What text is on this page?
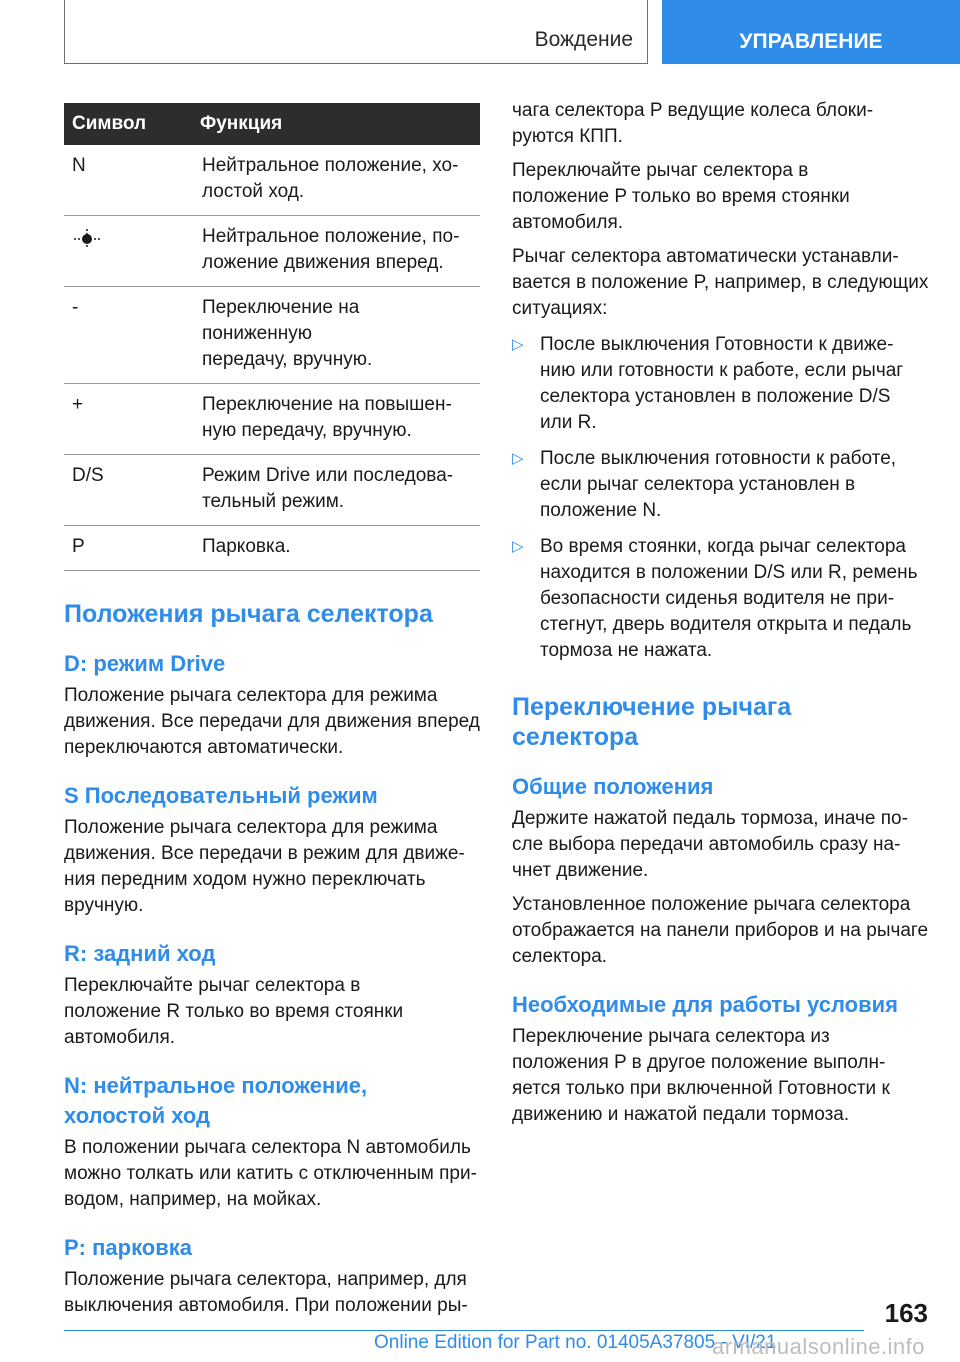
Вождение	УПРАВЛЕНИЕ
Символ	Функция
N	Нейтральное положение, хо-
лостой ход.
	Нейтральное положение, по-
ложение движения вперед.
-	Переключение на пониженную
передачу, вручную.
+	Переключение на повышен-
ную передачу, вручную.
D/S	Режим Drive или последова-
тельный режим.
P	Парковка.
Положения рычага селектора
D: режим Drive

Положение рычага селектора для режима
движения. Все передачи для движения вперед
переключаются автоматически.

S Последовательный режим

Положение рычага селектора для режима
движения. Все передачи в режим для движе-
ния передним ходом нужно переключать
вручную.

R: задний ход

Переключайте рычаг селектора в
положение R только во время стоянки
автомобиля.

N: нейтральное положение,
холостой ход

В положении рычага селектора N автомобиль
можно толкать или катить с отключенным при-
водом, например, на мойках.

P: парковка

Положение рычага селектора, например, для
выключения автомобиля. При положении ры-

чага селектора P ведущие колеса блоки-
руются КПП.

Переключайте рычаг селектора в
положение P только во время стоянки
автомобиля.

Рычаг селектора автоматически устанавли-
вается в положение P, например, в следующих
ситуациях:

▷ После выключения Готовности к движе-
нию или готовности к работе, если рычаг
селектора установлен в положение D/S
или R.
▷ После выключения готовности к работе,
если рычаг селектора установлен в
положение N.
▷ Во время стоянки, когда рычаг селектора
находится в положении D/S или R, ремень
безопасности сиденья водителя не при-
стегнут, дверь водителя открыта и педаль
тормоза не нажата.
Переключение рычага
селектора
Общие положения

Держите нажатой педаль тормоза, иначе по-
сле выбора передачи автомобиль сразу на-
чнет движение.

Установленное положение рычага селектора
отображается на панели приборов и на рычаге
селектора.

Необходимые для работы условия

Переключение рычага селектора из
положения P в другое положение выполн-
яется только при включенной Готовности к
движению и нажатой педали тормоза.

163
Online Edition for Part no. 01405A37805 - VI/21
armanualsonline.info
